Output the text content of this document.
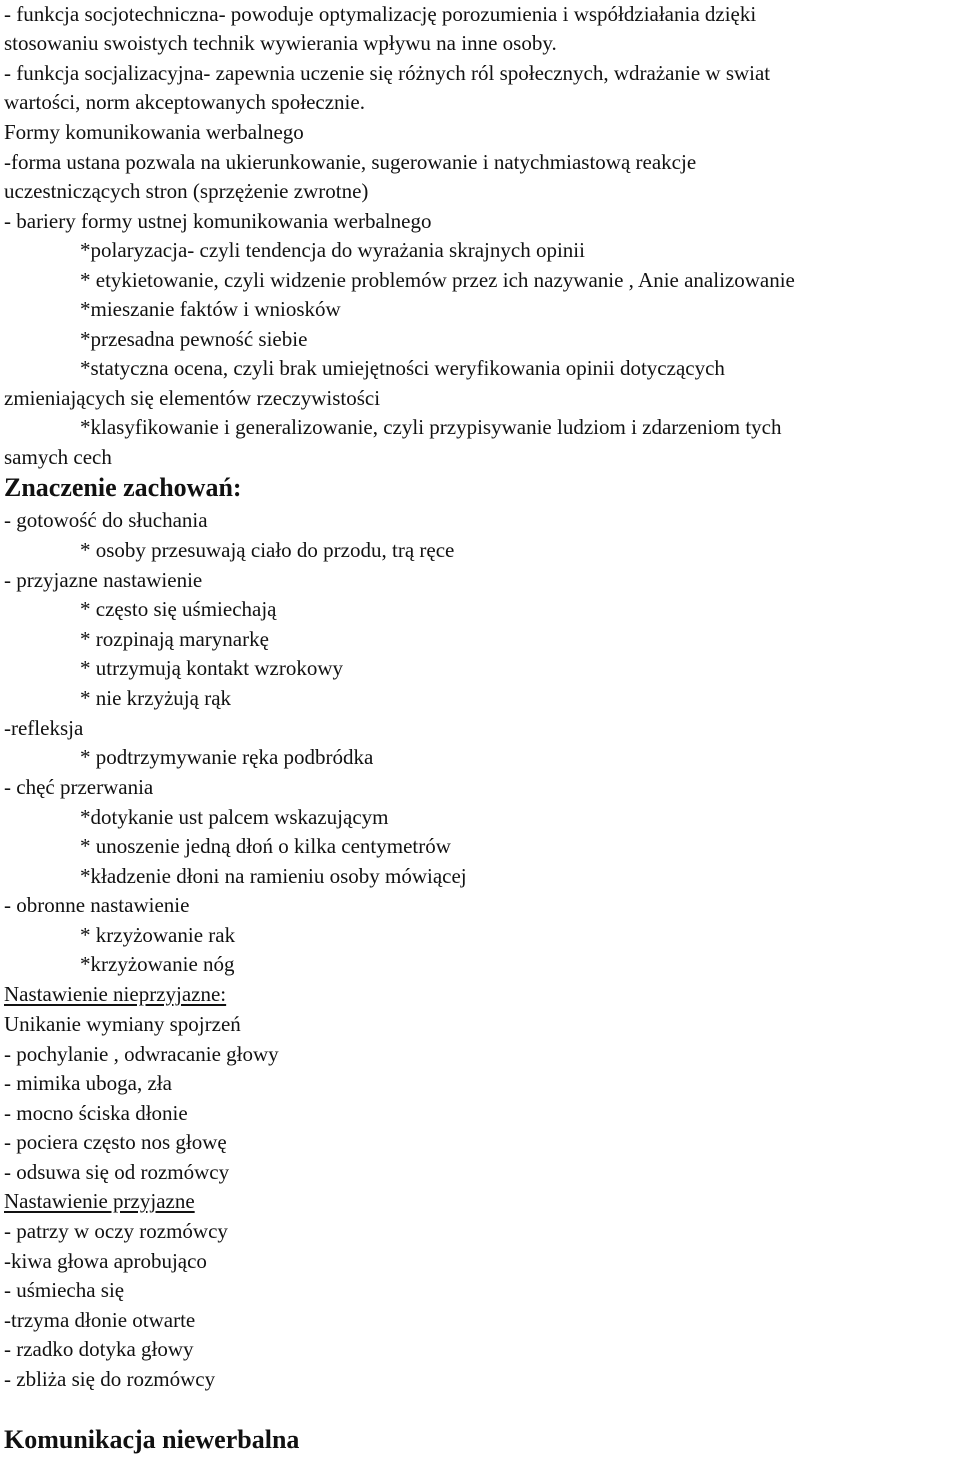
- funkcja socjotechniczna- powoduje optymalizację porozumienia i współdziałania dzięki
stosowaniu swoistych technik wywierania wpływu na inne osoby.
- funkcja socjalizacyjna- zapewnia uczenie się różnych ról społecznych, wdrażanie w swiat
wartości, norm akceptowanych społecznie.
Formy komunikowania werbalnego
-forma ustana pozwala na ukierunkowanie, sugerowanie i natychmiastową reakcje
uczestniczących stron (sprzężenie zwrotne)
- bariery formy ustnej komunikowania werbalnego
*polaryzacja- czyli tendencja do wyrażania skrajnych opinii
* etykietowanie, czyli widzenie problemów przez ich nazywanie , Anie analizowanie
*mieszanie faktów i wniosków
*przesadna pewność siebie
*statyczna ocena, czyli brak umiejętności weryfikowania opinii dotyczących
zmieniających się elementów rzeczywistości
*klasyfikowanie i generalizowanie, czyli przypisywanie ludziom i zdarzeniom tych
samych cech
Znaczenie zachowań:
- gotowość do słuchania
* osoby przesuwają ciało do przodu, trą ręce
- przyjazne nastawienie
* często się uśmiechają
* rozpinają marynarkę
* utrzymują kontakt wzrokowy
* nie krzyżują rąk
-refleksja
* podtrzymywanie ręka podbródka
- chęć przerwania
*dotykanie ust palcem wskazującym
* unoszenie jedną dłoń o kilka centymetrów
*kładzenie dłoni na ramieniu osoby mówiącej
- obronne nastawienie
* krzyżowanie rak
*krzyżowanie nóg
Nastawienie nieprzyjazne:
Unikanie wymiany spojrzeń
- pochylanie , odwracanie głowy
- mimika uboga, zła
- mocno ściska dłonie
- pociera często nos głowę
- odsuwa się od rozmówcy
Nastawienie przyjazne
- patrzy w oczy rozmówcy
-kiwa głowa aprobująco
- uśmiecha się
-trzyma dłonie otwarte
- rzadko dotyka głowy
- zbliża się do rozmówcy
Komunikacja niewerbalna
